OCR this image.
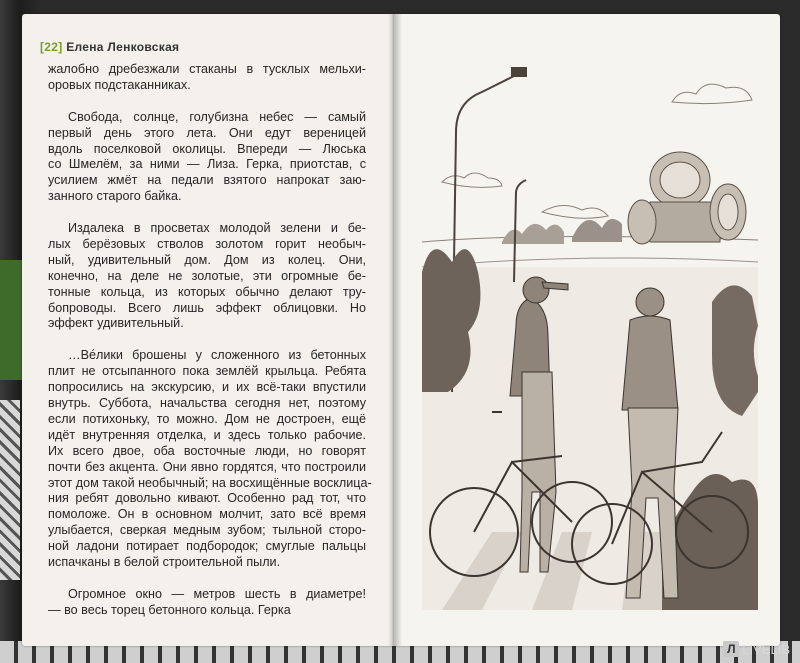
[22] Елена Ленковская
жалобно дребезжали стаканы в тусклых мельхи-
оровых подстаканниках.
Свобода, солнце, голубизна небес — самый
первый день этого лета. Они едут вереницей
вдоль поселковой околицы. Впереди — Люська
со Шмелём, за ними — Лиза. Герка, приотстав, с
усилием жмёт на педали взятого напрокат заю-
занного старого байка.
Издалека в просветах молодой зелени и бе-
лых берёзовых стволов золотом горит необыч-
ный, удивительный дом. Дом из колец. Они,
конечно, на деле не золотые, эти огромные бе-
тонные кольца, из которых обычно делают тру-
бопроводы. Всего лишь эффект облицовки. Но
эффект удивительный.
…Ве́лики брошены у сложенного из бетонных
плит не отсыпанного пока землёй крыльца. Ребята
попросились на экскурсию, и их всё-таки впустили
внутрь. Суббота, начальства сегодня нет, поэтому
если потихоньку, то можно. Дом не достроен, ещё
идёт внутренняя отделка, и здесь только рабочие.
Их всего двое, оба восточные люди, но говорят
почти без акцента. Они явно гордятся, что построили
этот дом такой необычный; на восхищённые восклица-
ния ребят довольно кивают. Особенно рад тот, что
помоложе. Он в основном молчит, зато всё время
улыбается, сверкая медным зубом; тыльной сторо-
ной ладони потирает подбородок; смуглые пальцы
испачканы в белой строительной пыли.
Огромное окно — метров шесть в диаметре!
— во весь торец бетонного кольца. Герка
Л LIVELIB
